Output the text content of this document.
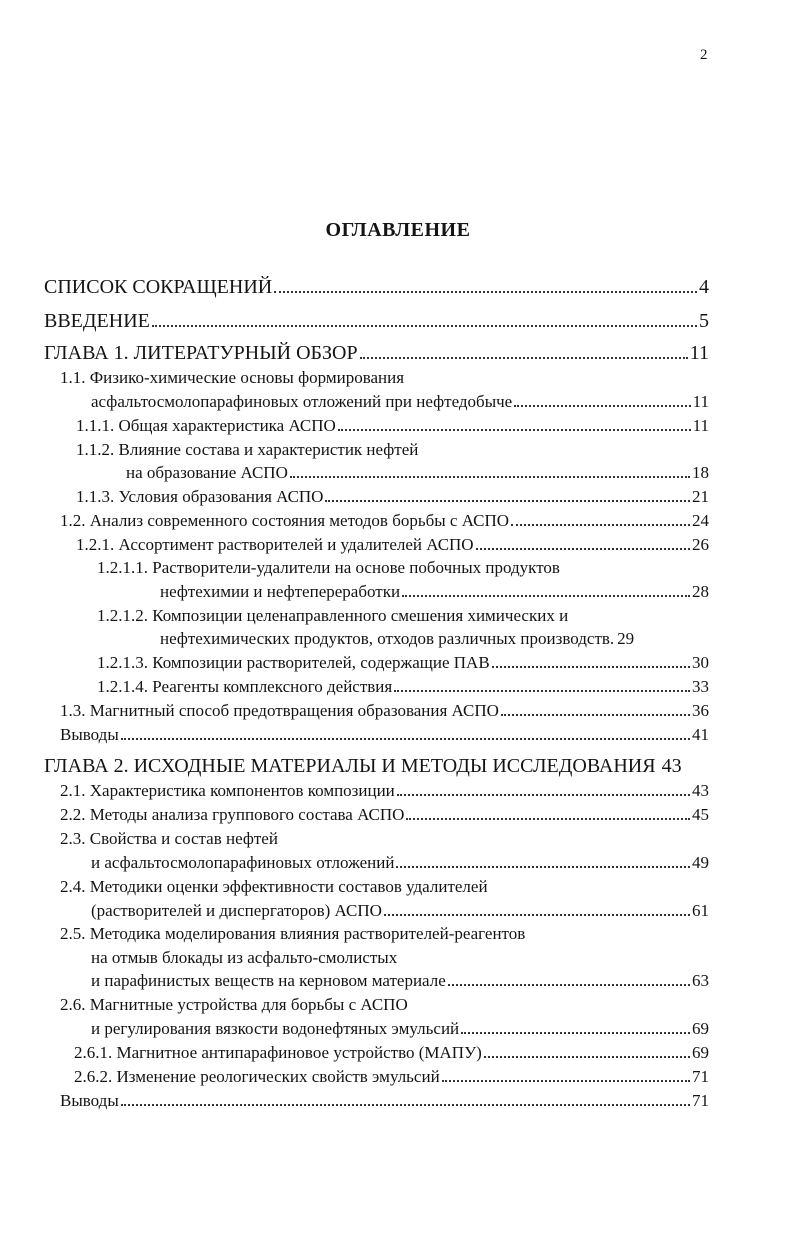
2
ОГЛАВЛЕНИЕ
СПИСОК СОКРАЩЕНИЙ	4
ВВЕДЕНИЕ	5
ГЛАВА 1. ЛИТЕРАТУРНЫЙ ОБЗОР	11
1.1. Физико-химические основы формирования
асфальтосмолопарафиновых отложений при нефтедобыче	11
1.1.1. Общая характеристика АСПО	11
1.1.2. Влияние состава и характеристик нефтей
на образование АСПО	18
1.1.3. Условия образования АСПО	21
1.2. Анализ современного состояния методов борьбы с АСПО	24
1.2.1. Ассортимент растворителей и удалителей АСПО	26
1.2.1.1. Растворители-удалители на основе побочных продуктов
нефтехимии и нефтепереработки	28
1.2.1.2. Композиции целенаправленного смешения химических и
нефтехимических продуктов, отходов различных производств. 29
1.2.1.3. Композиции растворителей, содержащие ПАВ	30
1.2.1.4. Реагенты комплексного действия	33
1.3. Магнитный способ предотвращения образования АСПО	36
Выводы	41
ГЛАВА 2. ИСХОДНЫЕ МАТЕРИАЛЫ И МЕТОДЫ ИССЛЕДОВАНИЯ 43
2.1. Характеристика компонентов композиции	43
2.2. Методы анализа группового состава АСПО	45
2.3. Свойства и состав нефтей
и асфальтосмолопарафиновых отложений	49
2.4. Методики оценки эффективности составов удалителей
(растворителей и диспергаторов) АСПО	61
2.5. Методика моделирования влияния растворителей-реагентов
на отмыв блокады из асфальто-смолистых
и парафинистых веществ на керновом материале	63
2.6. Магнитные устройства для борьбы с АСПО
и регулирования вязкости водонефтяных эмульсий	69
2.6.1. Магнитное антипарафиновое устройство (МАПУ)	69
2.6.2. Изменение реологических свойств эмульсий	71
Выводы	71
